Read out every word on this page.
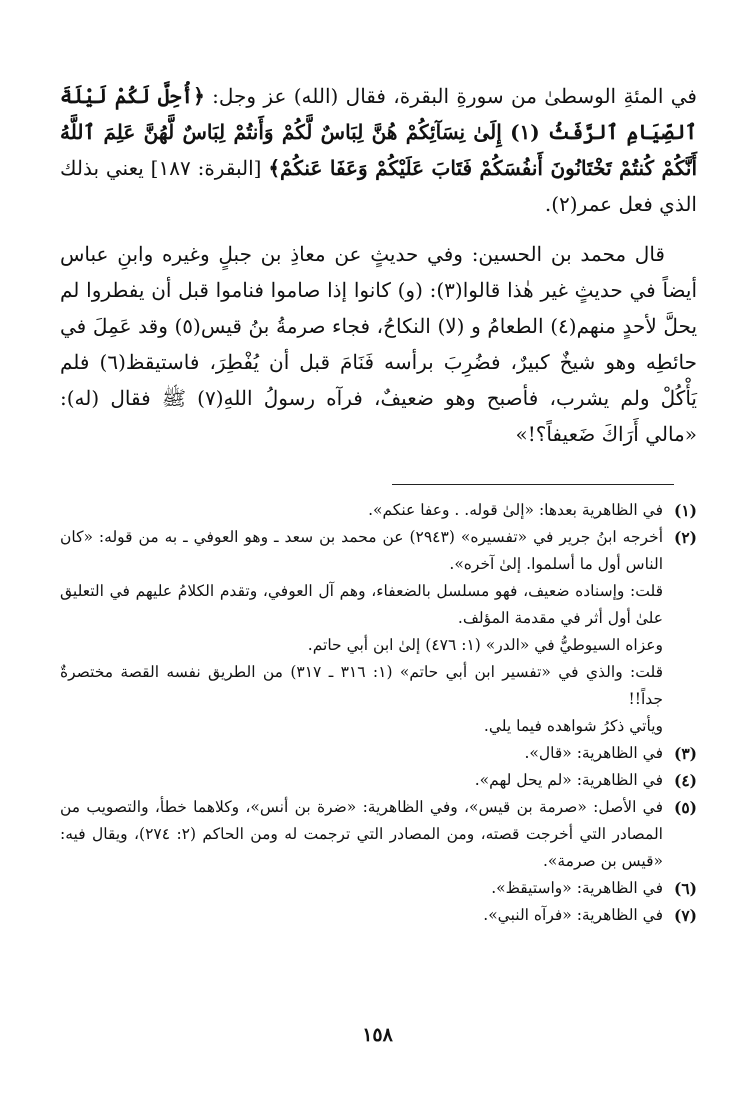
في المئةِ الوسطىٰ من سورةِ البقرة، فقال (الله) عز وجل: ﴿أُحِلَّ لَكُمْ لَيْلَةَ ٱلصِّيَامِ ٱلرَّفَثُ (١) إِلَىٰ نِسَآئِكُمْ هُنَّ لِبَاسٌ لَّكُمْ وَأَنتُمْ لِبَاسٌ لَّهُنَّ عَلِمَ ٱللَّهُ أَنَّكُمْ كُنتُمْ تَخْتَانُونَ أَنفُسَكُمْ فَتَابَ عَلَيْكُمْ وَعَفَا عَنكُمْ﴾ [البقرة: ١٨٧] يعني بذلك الذي فعل عمر(٢).

قال محمد بن الحسين: وفي حديثٍ عن معاذِ بن جبلٍ وغيره وابنِ عباس أيضاً في حديثٍ غير هٰذا قالوا(٣): (و) كانوا إذا صاموا فناموا قبل أن يفطروا لم يحلَّ لأحدٍ منهم(٤) الطعامُ و (لا) النكاحُ، فجاء صرمةُ بنُ قيس(٥) وقد عَمِلَ في حائطِه وهو شيخٌ كبيرٌ، فضُرِبَ برأسه فَنَامَ قبل أن يُفْطِرَ، فاستيقظ(٦) فلم يَأْكُلْ ولم يشرب، فأصبح وهو ضعيفٌ، فرآه رسولُ اللهِ(٧) ﷺ فقال (له): «مالي أَرَاكَ ضَعيفاً؟!»

(١)
في الظاهرية بعدها: «إلىٰ قوله. . وعفا عنكم».

(٢)
أخرجه ابنُ جرير في «تفسيره» (٢٩٤٣) عن محمد بن سعد ـ وهو العوفي ـ به من قوله: «كان الناس أول ما أسلموا. إلىٰ آخره».

قلت: وإسناده ضعيف، فهو مسلسل بالضعفاء، وهم آل العوفي، وتقدم الكلامُ عليهم في التعليق علىٰ أول أثر في مقدمة المؤلف.

وعزاه السيوطيُّ في «الدر» (١: ٤٧٦) إلىٰ ابن أبي حاتم.

قلت: والذي في «تفسير ابن أبي حاتم» (١: ٣١٦ ـ ٣١٧) من الطريق نفسه القصة مختصرةٌ جداً!!

ويأتي ذكرُ شواهده فيما يلي.

(٣)
في الظاهرية: «قال».

(٤)
في الظاهرية: «لم يحل لهم».

(٥)
في الأصل: «صرمة بن قيس»، وفي الظاهرية: «ضرة بن أنس»، وكلاهما خطأ، والتصويب من المصادر التي أخرجت قصته، ومن المصادر التي ترجمت له ومن الحاكم (٢: ٢٧٤)، ويقال فيه: «قيس بن صرمة».

(٦)
في الظاهرية: «واستيقظ».

(٧)
في الظاهرية: «فرآه النبي».

١٥٨
